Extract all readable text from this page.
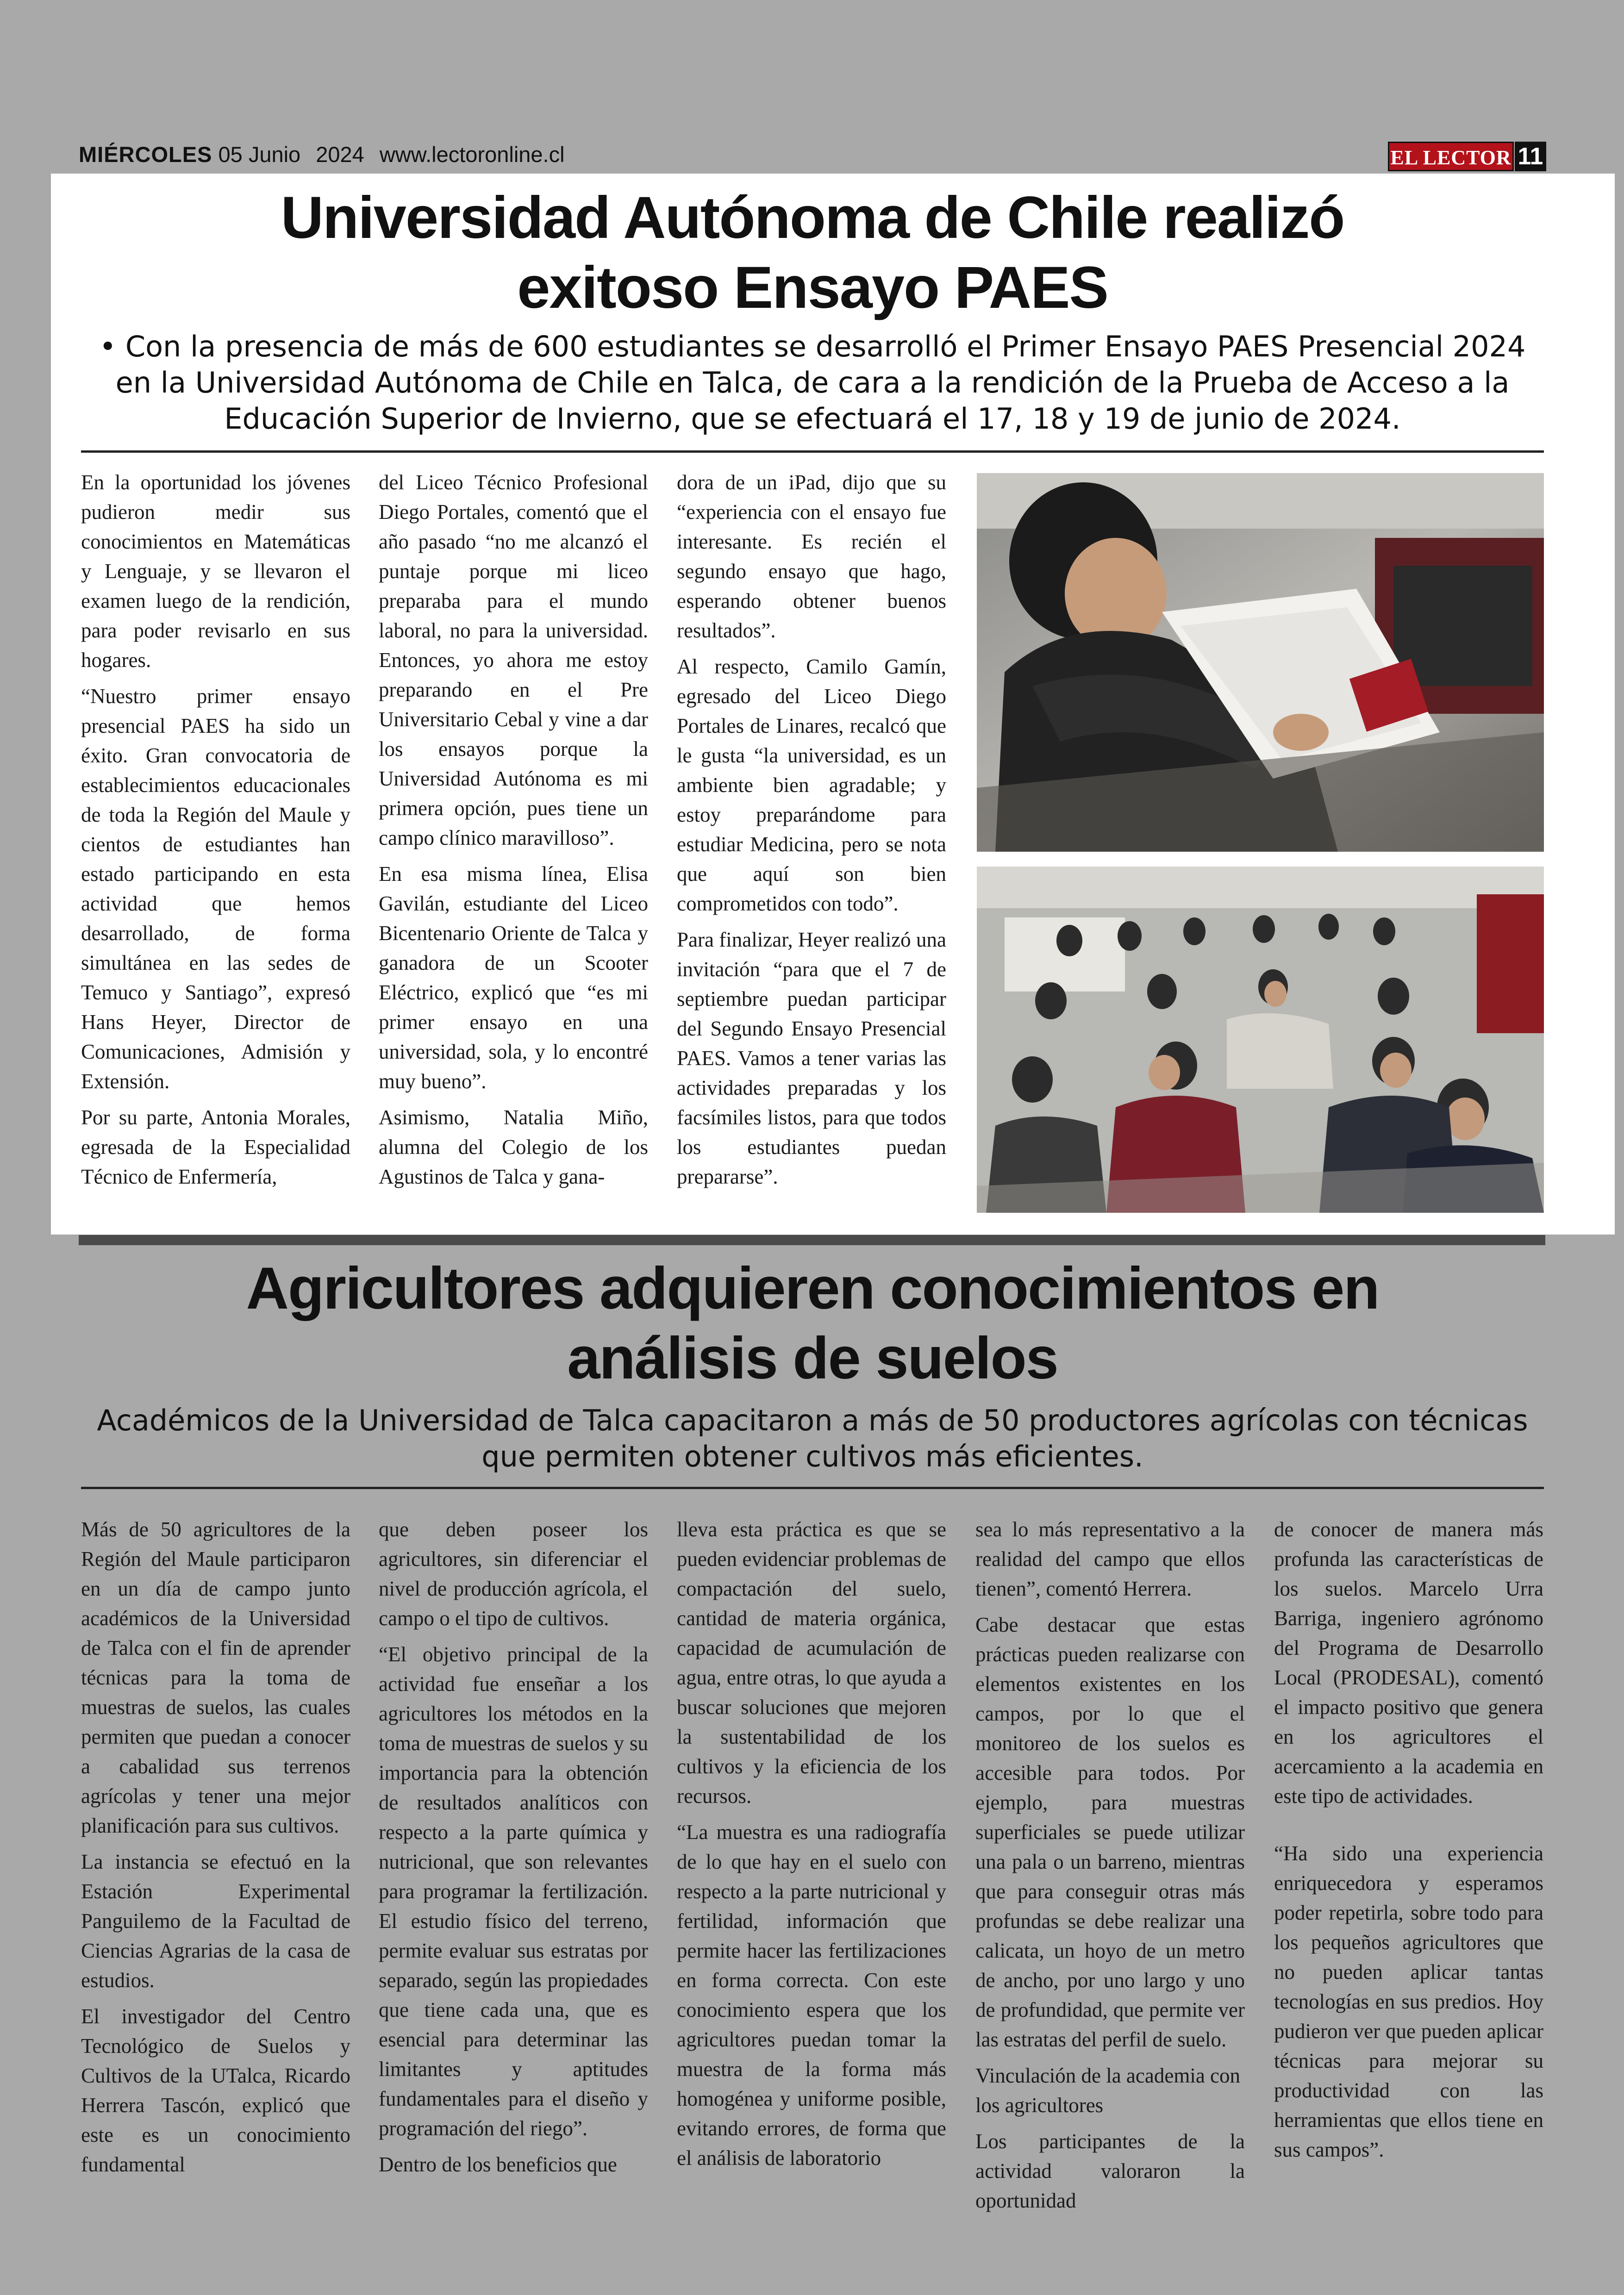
MIÉRCOLES 05 Junio 2024 www.lectoronline.cl	EL LECTOR 11
Universidad Autónoma de Chile realizó
exitoso Ensayo PAES
• Con la presencia de más de 600 estudiantes se desarrolló el Primer Ensayo PAES Presencial 2024 en la Universidad Autónoma de Chile en Talca, de cara a la rendición de la Prueba de Acceso a la Educación Superior de Invierno, que se efectuará el 17, 18 y 19 de junio de 2024.

En la oportunidad los jóvenes pudieron medir sus conocimientos en Matemáticas y Lenguaje, y se llevaron el examen luego de la rendición, para poder revisarlo en sus hogares.

“Nuestro primer ensayo presencial PAES ha sido un éxito. Gran convocatoria de establecimientos educacionales de toda la Región del Maule y cientos de estudiantes han estado participando en esta actividad que hemos desarrollado, de forma simultánea en las sedes de Temuco y Santiago”, expresó Hans Heyer, Director de Comunicaciones, Admisión y Extensión.

Por su parte, Antonia Morales, egresada de la Especialidad Técnico de Enfermería,

del Liceo Técnico Profesional Diego Portales, comentó que el año pasado “no me alcanzó el puntaje porque mi liceo preparaba para el mundo laboral, no para la universidad. Entonces, yo ahora me estoy preparando en el Pre Universitario Cebal y vine a dar los ensayos porque la Universidad Autónoma es mi primera opción, pues tiene un campo clínico maravilloso”.

En esa misma línea, Elisa Gavilán, estudiante del Liceo Bicentenario Oriente de Talca y ganadora de un Scooter Eléctrico, explicó que “es mi primer ensayo en una universidad, sola, y lo encontré muy bueno”.

Asimismo, Natalia Miño, alumna del Colegio de los Agustinos de Talca y gana-

dora de un iPad, dijo que su “experiencia con el ensayo fue interesante. Es recién el segundo ensayo que hago, esperando obtener buenos resultados”.

Al respecto, Camilo Gamín, egresado del Liceo Diego Portales de Linares, recalcó que le gusta “la universidad, es un ambiente bien agradable; y estoy preparándome para estudiar Medicina, pero se nota que aquí son bien comprometidos con todo”.

Para finalizar, Heyer realizó una invitación “para que el 7 de septiembre puedan participar del Segundo Ensayo Presencial PAES. Vamos a tener varias las actividades preparadas y los facsímiles listos, para que todos los estudiantes puedan prepararse”.

Agricultores adquieren conocimientos en
análisis de suelos
Académicos de la Universidad de Talca capacitaron a más de 50 productores agrícolas con técnicas que permiten obtener cultivos más eficientes.

Más de 50 agricultores de la Región del Maule participaron en un día de campo junto académicos de la Universidad de Talca con el fin de aprender técnicas para la toma de muestras de suelos, las cuales permiten que puedan a conocer a cabalidad sus terrenos agrícolas y tener una mejor planificación para sus cultivos.

La instancia se efectuó en la Estación Experimental Panguilemo de la Facultad de Ciencias Agrarias de la casa de estudios.

El investigador del Centro Tecnológico de Suelos y Cultivos de la UTalca, Ricardo Herrera Tascón, explicó que este es un conocimiento fundamental

que deben poseer los agricultores, sin diferenciar el nivel de producción agrícola, el campo o el tipo de cultivos.

“El objetivo principal de la actividad fue enseñar a los agricultores los métodos en la toma de muestras de suelos y su importancia para la obtención de resultados analíticos con respecto a la parte química y nutricional, que son relevantes para programar la fertilización. El estudio físico del terreno, permite evaluar sus estratas por separado, según las propiedades que tiene cada una, que es esencial para determinar las limitantes y aptitudes fundamentales para el diseño y programación del riego”.

Dentro de los beneficios que

lleva esta práctica es que se pueden evidenciar problemas de compactación del suelo, cantidad de materia orgánica, capacidad de acumulación de agua, entre otras, lo que ayuda a buscar soluciones que mejoren la sustentabilidad de los cultivos y la eficiencia de los recursos.

“La muestra es una radiografía de lo que hay en el suelo con respecto a la parte nutricional y fertilidad, información que permite hacer las fertilizaciones en forma correcta. Con este conocimiento espera que los agricultores puedan tomar la muestra de la forma más homogénea y uniforme posible, evitando errores, de forma que el análisis de laboratorio

sea lo más representativo a la realidad del campo que ellos tienen”, comentó Herrera.

Cabe destacar que estas prácticas pueden realizarse con elementos existentes en los campos, por lo que el monitoreo de los suelos es accesible para todos. Por ejemplo, para muestras superficiales se puede utilizar una pala o un barreno, mientras que para conseguir otras más profundas se debe realizar una calicata, un hoyo de un metro de ancho, por uno largo y uno de profundidad, que permite ver las estratas del perfil de suelo.

Vinculación de la academia con los agricultores

Los participantes de la actividad valoraron la oportunidad

de conocer de manera más profunda las características de los suelos. Marcelo Urra Barriga, ingeniero agrónomo del Programa de Desarrollo Local (PRODESAL), comentó el impacto positivo que genera en los agricultores el acercamiento a la academia en este tipo de actividades.

“Ha sido una experiencia enriquecedora y esperamos poder repetirla, sobre todo para los pequeños agricultores que no pueden aplicar tantas tecnologías en sus predios. Hoy pudieron ver que pueden aplicar técnicas para mejorar su productividad con las herramientas que ellos tiene en sus campos”.
